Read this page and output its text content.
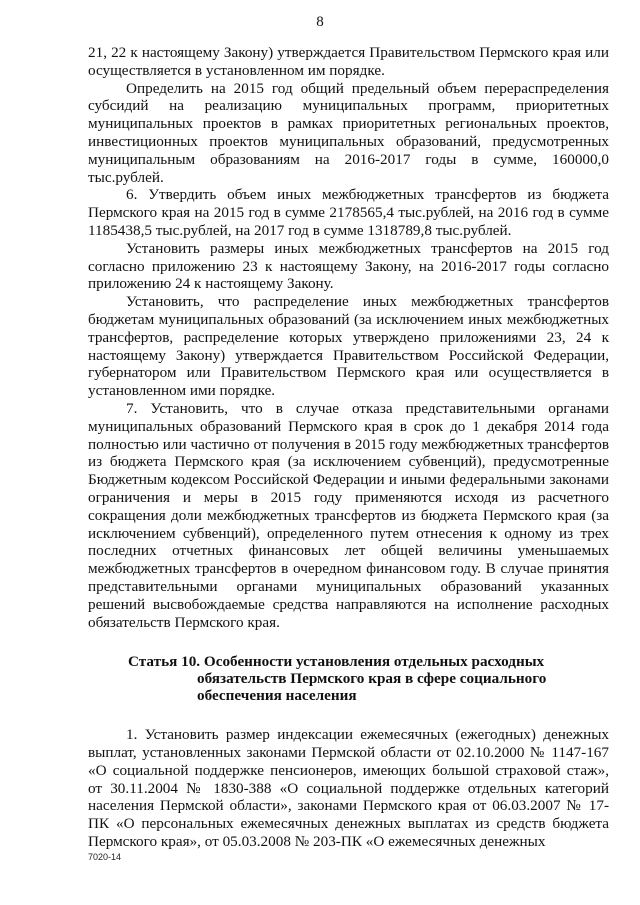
8

21, 22 к настоящему Закону) утверждается Правительством Пермского края или осуществляется в установленном им порядке.

Определить на 2015 год общий предельный объем перераспределения субсидий на реализацию муниципальных программ, приоритетных муниципальных проектов в рамках приоритетных региональных проектов, инвестиционных проектов муниципальных образований, предусмотренных муниципальным образованиям на 2016-2017 годы в сумме, 160000,0 тыс.рублей.

6. Утвердить объем иных межбюджетных трансфертов из бюджета Пермского края на 2015 год в сумме 2178565,4 тыс.рублей, на 2016 год в сумме 1185438,5 тыс.рублей, на 2017 год в сумме 1318789,8 тыс.рублей.

Установить размеры иных межбюджетных трансфертов на 2015 год согласно приложению 23 к настоящему Закону, на 2016-2017 годы согласно приложению 24 к настоящему Закону.

Установить, что распределение иных межбюджетных трансфертов бюджетам муниципальных образований (за исключением иных межбюджетных трансфертов, распределение которых утверждено приложениями 23, 24 к настоящему Закону) утверждается Правительством Российской Федерации, губернатором или Правительством Пермского края или осуществляется в установленном ими порядке.

7. Установить, что в случае отказа представительными органами муниципальных образований Пермского края в срок до 1 декабря 2014 года полностью или частично от получения в 2015 году межбюджетных трансфертов из бюджета Пермского края (за исключением субвенций), предусмотренные Бюджетным кодексом Российской Федерации и иными федеральными законами ограничения и меры в 2015 году применяются исходя из расчетного сокращения доли межбюджетных трансфертов из бюджета Пермского края (за исключением субвенций), определенного путем отнесения к одному из трех последних отчетных финансовых лет общей величины уменьшаемых межбюджетных трансфертов в очередном финансовом году. В случае принятия представительными органами муниципальных образований указанных решений высвобождаемые средства направляются на исполнение расходных обязательств Пермского края.

Статья 10. Особенности установления отдельных расходных
обязательств Пермского края в сфере социального
обеспечения населения

1. Установить размер индексации ежемесячных (ежегодных) денежных выплат, установленных законами Пермской области от 02.10.2000 № 1147-167 «О социальной поддержке пенсионеров, имеющих большой страховой стаж», от 30.11.2004 № 1830-388 «О социальной поддержке отдельных категорий населения Пермской области», законами Пермского края от 06.03.2007 № 17-ПК «О персональных ежемесячных денежных выплатах из средств бюджета Пермского края», от 05.03.2008 № 203-ПК «О ежемесячных денежных

7020-14
